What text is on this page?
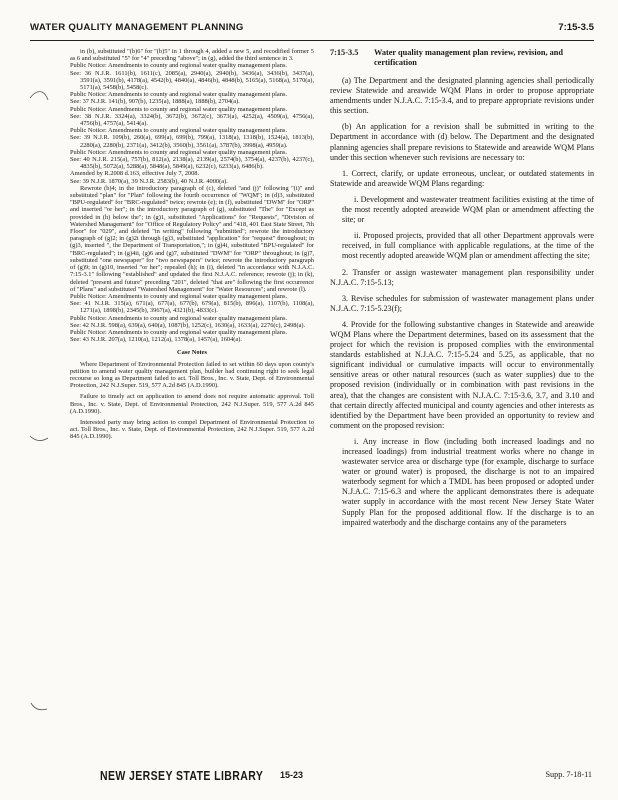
WATER QUALITY MANAGEMENT PLANNING	7:15-3.5

in (b), substituted "(b)6" for "(b)5" in 1 through 4, added a new 5, and recodified former 5 as 6 and substituted "5" for "4" preceding "above"; in (g), added the third sentence in 3.

Public Notice: Amendments to county and regional water quality management plans.

See: 36 N.J.R. 1611(b), 1611(c), 2085(a), 2940(a), 2940(b), 3436(a), 3436(b), 3437(a), 3591(a), 3591(b), 4178(a), 4542(b), 4840(a), 4846(b), 4848(b), 5165(a), 5168(a), 5170(a), 5171(a), 5458(b), 5458(c).

Public Notice: Amendments to county and regional water quality management plans.

See: 37 N.J.R. 141(b), 907(b), 1235(a), 1888(a), 1888(b), 2704(a).

Public Notice: Amendments to county and regional water quality management plans.

See: 38 N.J.R. 3324(a), 3324(b), 3672(b), 3672(c), 3673(a), 4252(a), 4509(a), 4756(a), 4756(b), 4757(a), 5414(a).

Public Notice: Amendments to county and regional water quality management plans.

See: 39 N.J.R. 109(b), 260(a), 699(a), 699(b), 799(a), 1318(a), 1318(b), 1524(a), 1813(b), 2280(a), 2280(b), 2371(a), 3412(b), 3560(b), 3561(a), 3787(b), 3998(a), 4959(a).

Public Notice: Amendments to county and regional water quality management plans.

See: 40 N.J.R. 215(a), 757(b), 812(a), 2138(a), 2139(a), 2574(b), 3754(a), 4237(b), 4237(c), 4835(b), 5072(a), 5288(a), 5848(a), 5849(a), 6232(c), 6233(a), 6486(b).

Amended by R.2008 d.163, effective July 7, 2008.

See: 39 N.J.R. 1870(a), 39 N.J.R. 2583(b), 40 N.J.R. 4000(a).

Rewrote (b)4; in the introductory paragraph of (c), deleted "and (j)" following "(i)" and substituted "plan" for "Plan" following the fourth occurrence of "WQM"; in (d)3, substituted "BPU-regulated" for "BRC-regulated" twice; rewrote (e); in (f), substituted "DWM" for "ORP" and inserted "or her"; in the introductory paragraph of (g), substituted "The" for "Except as provided in (h) below the"; in (g)1, substituted "Applications" for "Requests", "Division of Watershed Management" for "Office of Regulatory Policy" and "418, 401 East State Street, 7th Floor" for "029", and deleted "in writing" following "submitted"; rewrote the introductory paragraph of (g)2; in (g)2i through (g)3, substituted "application" for "request" throughout; in (g)3, inserted ", the Department of Transportation,"; in (g)4i, substituted "BPU-regulated" for "BRC-regulated"; in (g)4ii, (g)6 and (g)7, substituted "DWM" for "ORP" throughout; in (g)7, substituted "one newspaper" for "two newspapers" twice; rewrote the introductory paragraph of (g)9; in (g)10, inserted "or her"; repealed (h); in (i), deleted "in accordance with N.J.A.C. 7:15-3.1" following "established" and updated the first N.J.A.C. reference; rewrote (j); in (k), deleted "present and future" preceding "201", deleted "that are" following the first occurrence of "Plans" and substituted "Watershed Management" for "Water Resources"; and rewrote (l).

Public Notice: Amendments to county and regional water quality management plans.

See: 41 N.J.R. 315(a), 671(a), 677(a), 677(b), 679(a), 815(b), 896(a), 1107(b), 1108(a), 1271(a), 1898(b), 2345(b), 3967(a), 4321(b), 4833(c).

Public Notice: Amendments to county and regional water quality management plans.

See: 42 N.J.R. 598(a), 639(a), 640(a), 1087(b), 1252(c), 1630(a), 1633(a), 2276(c), 2498(a).

Public Notice: Amendments to county and regional water quality management plans.

See: 43 N.J.R. 207(a), 1210(a), 1212(a), 1378(a), 1457(a), 1604(a).

Case Notes

Where Department of Environmental Protection failed to set within 60 days upon county's petition to amend water quality management plan, builder had continuing right to seek legal recourse so long as Department failed to act. Toll Bros., Inc. v. State, Dept. of Environmental Protection, 242 N.J.Super. 519, 577 A.2d 845 (A.D.1990).

Failure to timely act on application to amend does not require automatic approval. Toll Bros., Inc. v. State, Dept. of Environmental Protection, 242 N.J.Super. 519, 577 A.2d 845 (A.D.1990).

Interested party may bring action to compel Department of Environmental Protection to act. Toll Bros., Inc. v. State, Dept. of Environmental Protection, 242 N.J.Super. 519, 577 A.2d 845 (A.D.1990).

7:15-3.5	Water quality management plan review, revision, and certification

(a) The Department and the designated planning agencies shall periodically review Statewide and areawide WQM Plans in order to propose appropriate amendments under N.J.A.C. 7:15-3.4, and to prepare appropriate revisions under this section.

(b) An application for a revision shall be submitted in writing to the Department in accordance with (d) below. The Department and the designated planning agencies shall prepare revisions to Statewide and areawide WQM Plans under this section whenever such revisions are necessary to:

1. Correct, clarify, or update erroneous, unclear, or outdated statements in Statewide and areawide WQM Plans regarding:

i. Development and wastewater treatment facilities existing at the time of the most recently adopted areawide WQM plan or amendment affecting the site; or

ii. Proposed projects, provided that all other Department approvals were received, in full compliance with applicable regulations, at the time of the most recently adopted areawide WQM plan or amendment affecting the site;

2. Transfer or assign wastewater management plan responsibility under N.J.A.C. 7:15-5.13;

3. Revise schedules for submission of wastewater management plans under N.J.A.C. 7:15-5.23(f);

4. Provide for the following substantive changes in Statewide and areawide WQM Plans where the Department determines, based on its assessment that the project for which the revision is proposed complies with the environmental standards established at N.J.A.C. 7:15-5.24 and 5.25, as applicable, that no significant individual or cumulative impacts will occur to environmentally sensitive areas or other natural resources (such as water supplies) due to the proposed revision (individually or in combination with past revisions in the area), that the changes are consistent with N.J.A.C. 7:15-3.6, 3.7, and 3.10 and that certain directly affected municipal and county agencies and other interests as identified by the Department have been provided an opportunity to review and comment on the proposed revision:

i. Any increase in flow (including both increased loadings and no increased loadings) from industrial treatment works where no change in wastewater service area or discharge type (for example, discharge to surface water or ground water) is proposed, the discharge is not to an impaired waterbody segment for which a TMDL has been proposed or adopted under N.J.A.C. 7:15-6.3 and where the applicant demonstrates there is adequate water supply in accordance with the most recent New Jersey State Water Supply Plan for the proposed additional flow. If the discharge is to an impaired waterbody and the discharge contains any of the parameters

NEW JERSEY STATE LIBRARY 15-23	Supp. 7-18-11
